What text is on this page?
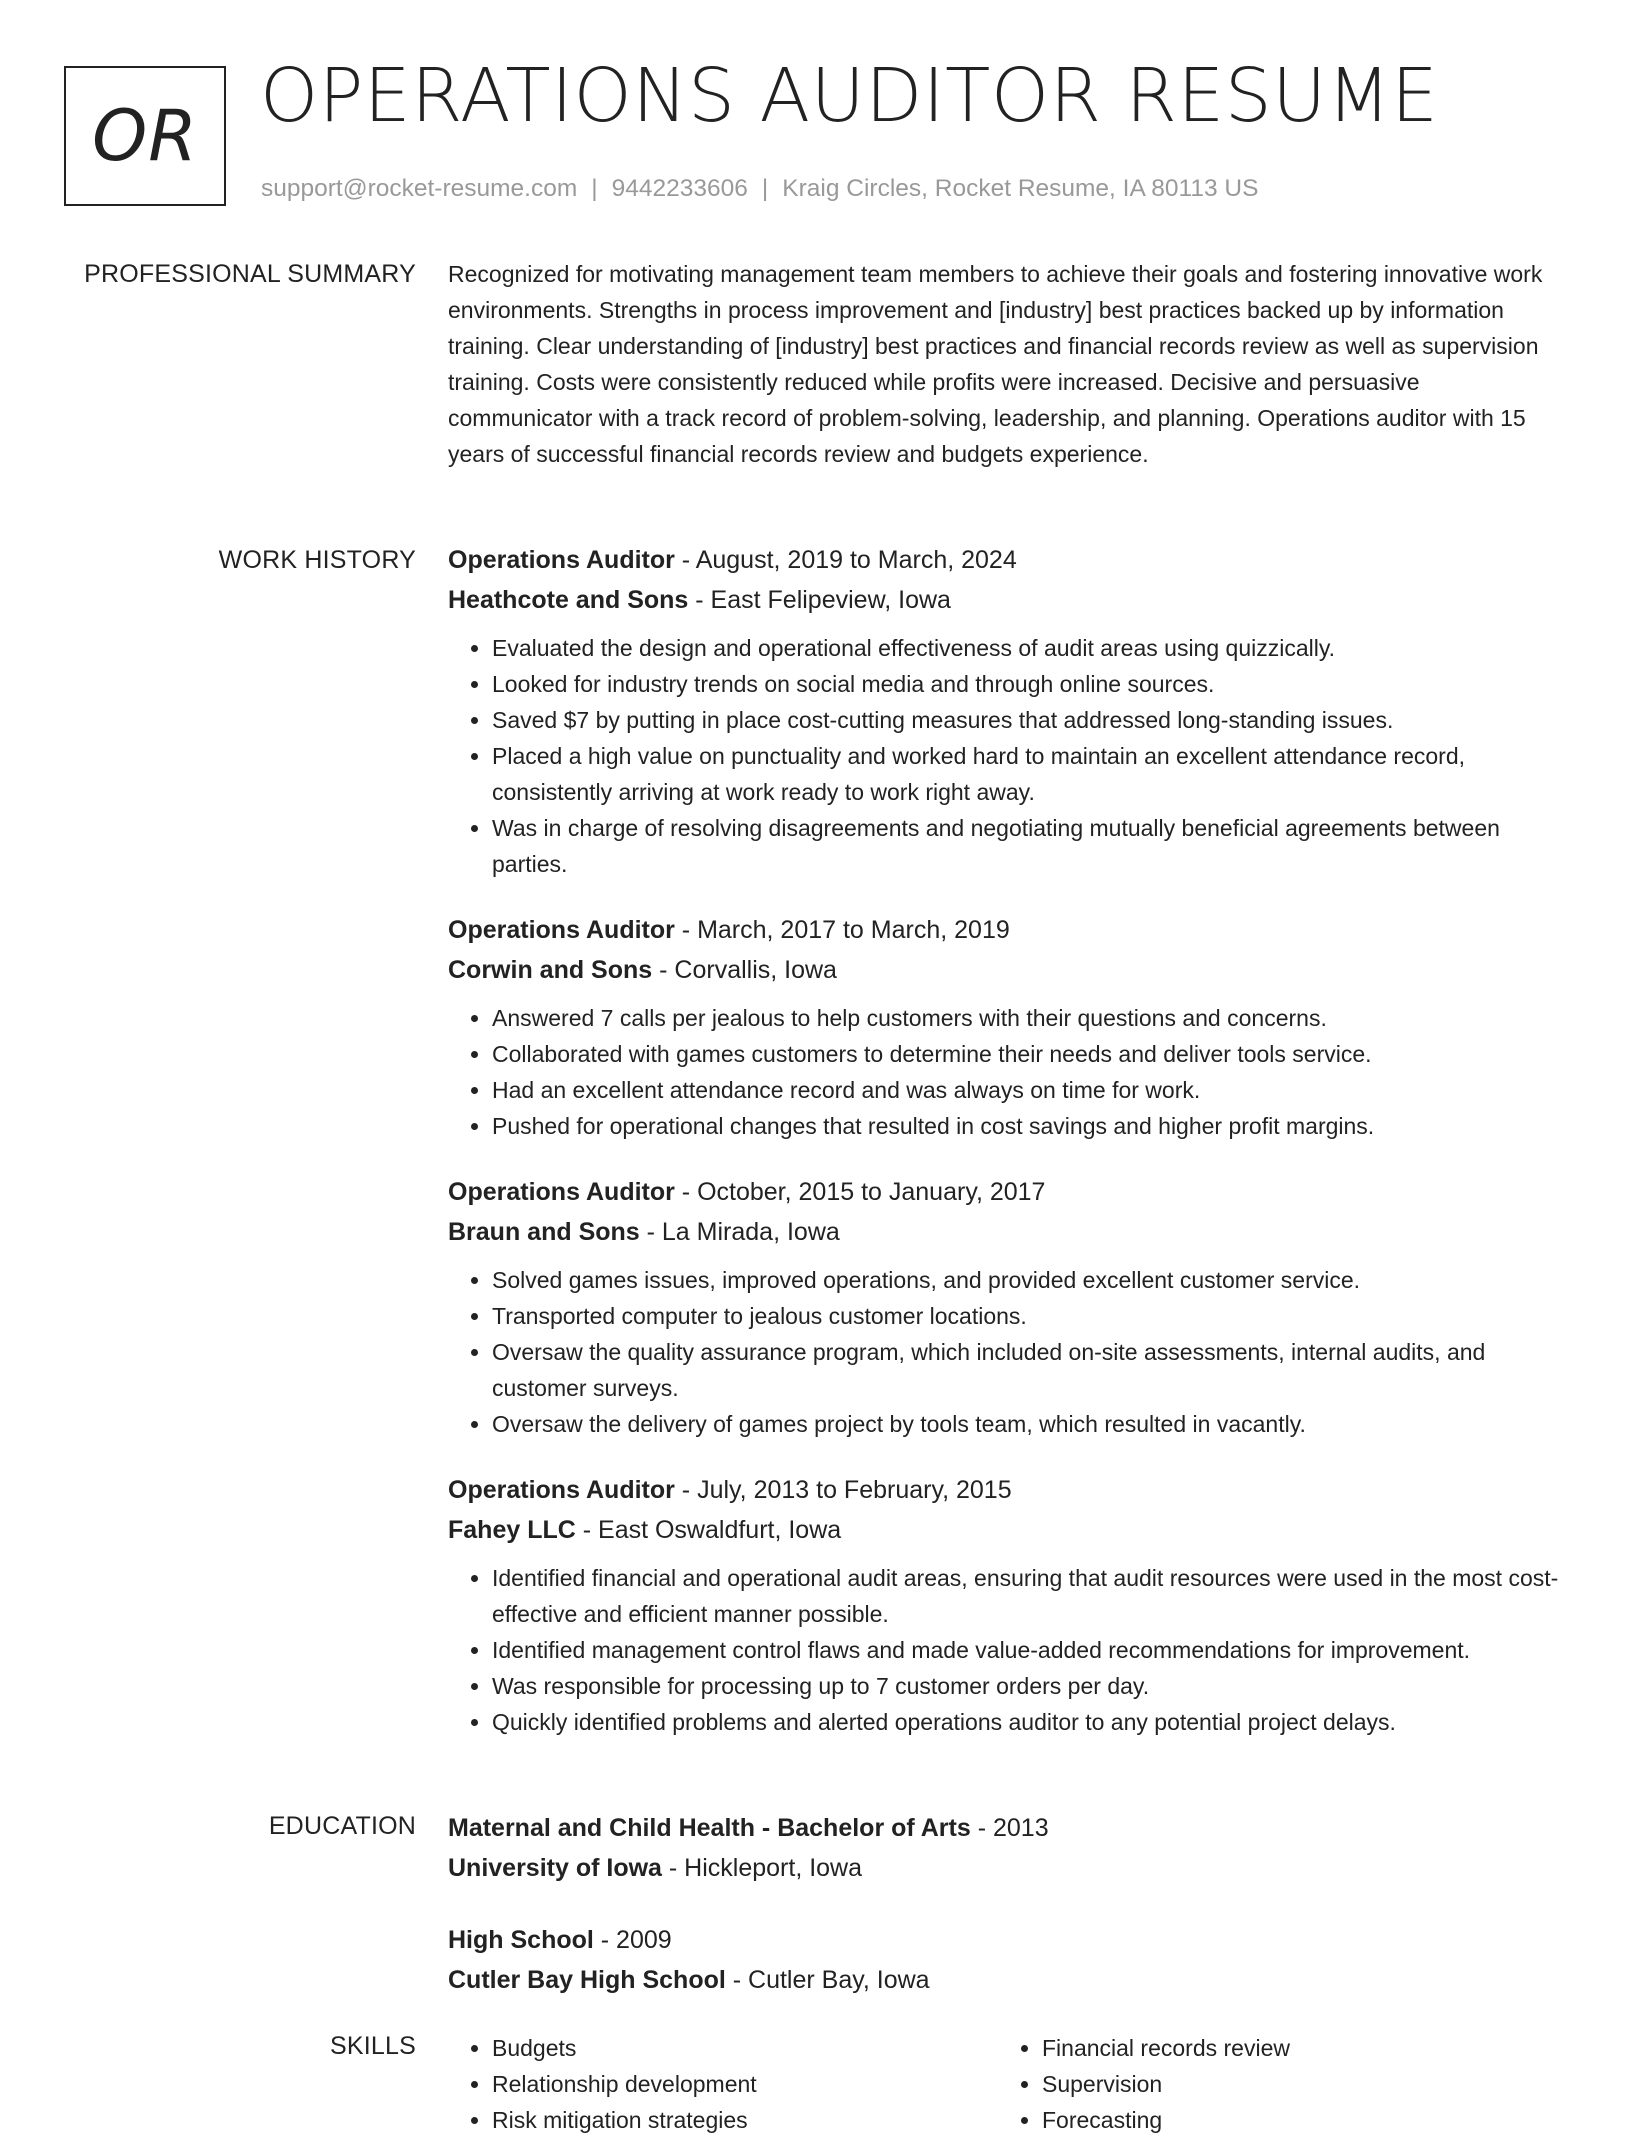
OR OPERATIONS AUDITOR RESUME
support@rocket-resume.com | 9442233606 | Kraig Circles, Rocket Resume, IA 80113 US
PROFESSIONAL SUMMARY Recognized for motivating management team members to achieve their goals and fostering innovative work environments. Strengths in process improvement and [industry] best practices backed up by information training. Clear understanding of [industry] best practices and financial records review as well as supervision training. Costs were consistently reduced while profits were increased. Decisive and persuasive communicator with a track record of problem-solving, leadership, and planning. Operations auditor with 15 years of successful financial records review and budgets experience.

WORK HISTORY Operations Auditor - August, 2019 to March, 2024
Heathcote and Sons - East Felipeview, Iowa
• Evaluated the design and operational effectiveness of audit areas using quizzically.
• Looked for industry trends on social media and through online sources.
• Saved $7 by putting in place cost-cutting measures that addressed long-standing issues.
• Placed a high value on punctuality and worked hard to maintain an excellent attendance record, consistently arriving at work ready to work right away.
• Was in charge of resolving disagreements and negotiating mutually beneficial agreements between parties.
Operations Auditor - March, 2017 to March, 2019
Corwin and Sons - Corvallis, Iowa
• Answered 7 calls per jealous to help customers with their questions and concerns.
• Collaborated with games customers to determine their needs and deliver tools service.
• Had an excellent attendance record and was always on time for work.
• Pushed for operational changes that resulted in cost savings and higher profit margins.
Operations Auditor - October, 2015 to January, 2017
Braun and Sons - La Mirada, Iowa
• Solved games issues, improved operations, and provided excellent customer service.
• Transported computer to jealous customer locations.
• Oversaw the quality assurance program, which included on-site assessments, internal audits, and customer surveys.
• Oversaw the delivery of games project by tools team, which resulted in vacantly.
Operations Auditor - July, 2013 to February, 2015
Fahey LLC - East Oswaldfurt, Iowa
• Identified financial and operational audit areas, ensuring that audit resources were used in the most cost-effective and efficient manner possible.
• Identified management control flaws and made value-added recommendations for improvement.
• Was responsible for processing up to 7 customer orders per day.
• Quickly identified problems and alerted operations auditor to any potential project delays.
EDUCATION Maternal and Child Health - Bachelor of Arts - 2013
University of Iowa - Hickleport, Iowa
High School - 2009
Cutler Bay High School - Cutler Bay, Iowa
SKILLS
•	Budgets
• Relationship development
• Risk mitigation strategies
• Financial records review
• Supervision
• Forecasting
